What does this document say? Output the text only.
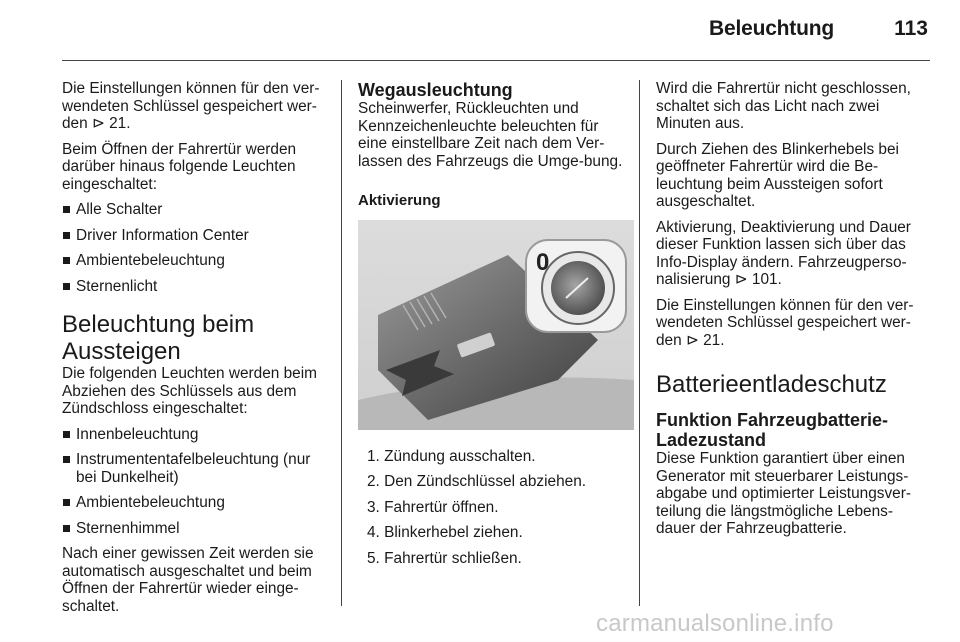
Beleuchtung	113

Die Einstellungen können für den ver-wendeten Schlüssel gespeichert wer-den ⊳ 21.

Beim Öffnen der Fahrertür werden darüber hinaus folgende Leuchten eingeschaltet:

Alle Schalter
Driver Information Center
Ambientebeleuchtung
Sternenlicht
Beleuchtung beim Aussteigen

Die folgenden Leuchten werden beim Abziehen des Schlüssels aus dem Zündschloss eingeschaltet:

Innenbeleuchtung
Instrumententafelbeleuchtung (nur bei Dunkelheit)
Ambientebeleuchtung
Sternenhimmel

Nach einer gewissen Zeit werden sie automatisch ausgeschaltet und beim Öffnen der Fahrertür wieder einge-schaltet.

Wegausleuchtung

Scheinwerfer, Rückleuchten und Kennzeichenleuchte beleuchten für eine einstellbare Zeit nach dem Ver-lassen des Fahrzeugs die Umge-bung.

Aktivierung
0
1. Zündung ausschalten.
2. Den Zündschlüssel abziehen.
3. Fahrertür öffnen.
4. Blinkerhebel ziehen.
5. Fahrertür schließen.

Wird die Fahrertür nicht geschlossen, schaltet sich das Licht nach zwei Minuten aus.

Durch Ziehen des Blinkerhebels bei geöffneter Fahrertür wird die Be-leuchtung beim Aussteigen sofort ausgeschaltet.

Aktivierung, Deaktivierung und Dauer dieser Funktion lassen sich über das Info-Display ändern. Fahrzeugperso-nalisierung ⊳ 101.

Die Einstellungen können für den ver-wendeten Schlüssel gespeichert wer-den ⊳ 21.

Batterieentladeschutz
Funktion Fahrzeugbatterie-Ladezustand

Diese Funktion garantiert über einen Generator mit steuerbarer Leistungs-abgabe und optimierter Leistungsver-teilung die längstmögliche Lebens-dauer der Fahrzeugbatterie.

carmanualsonline.info
